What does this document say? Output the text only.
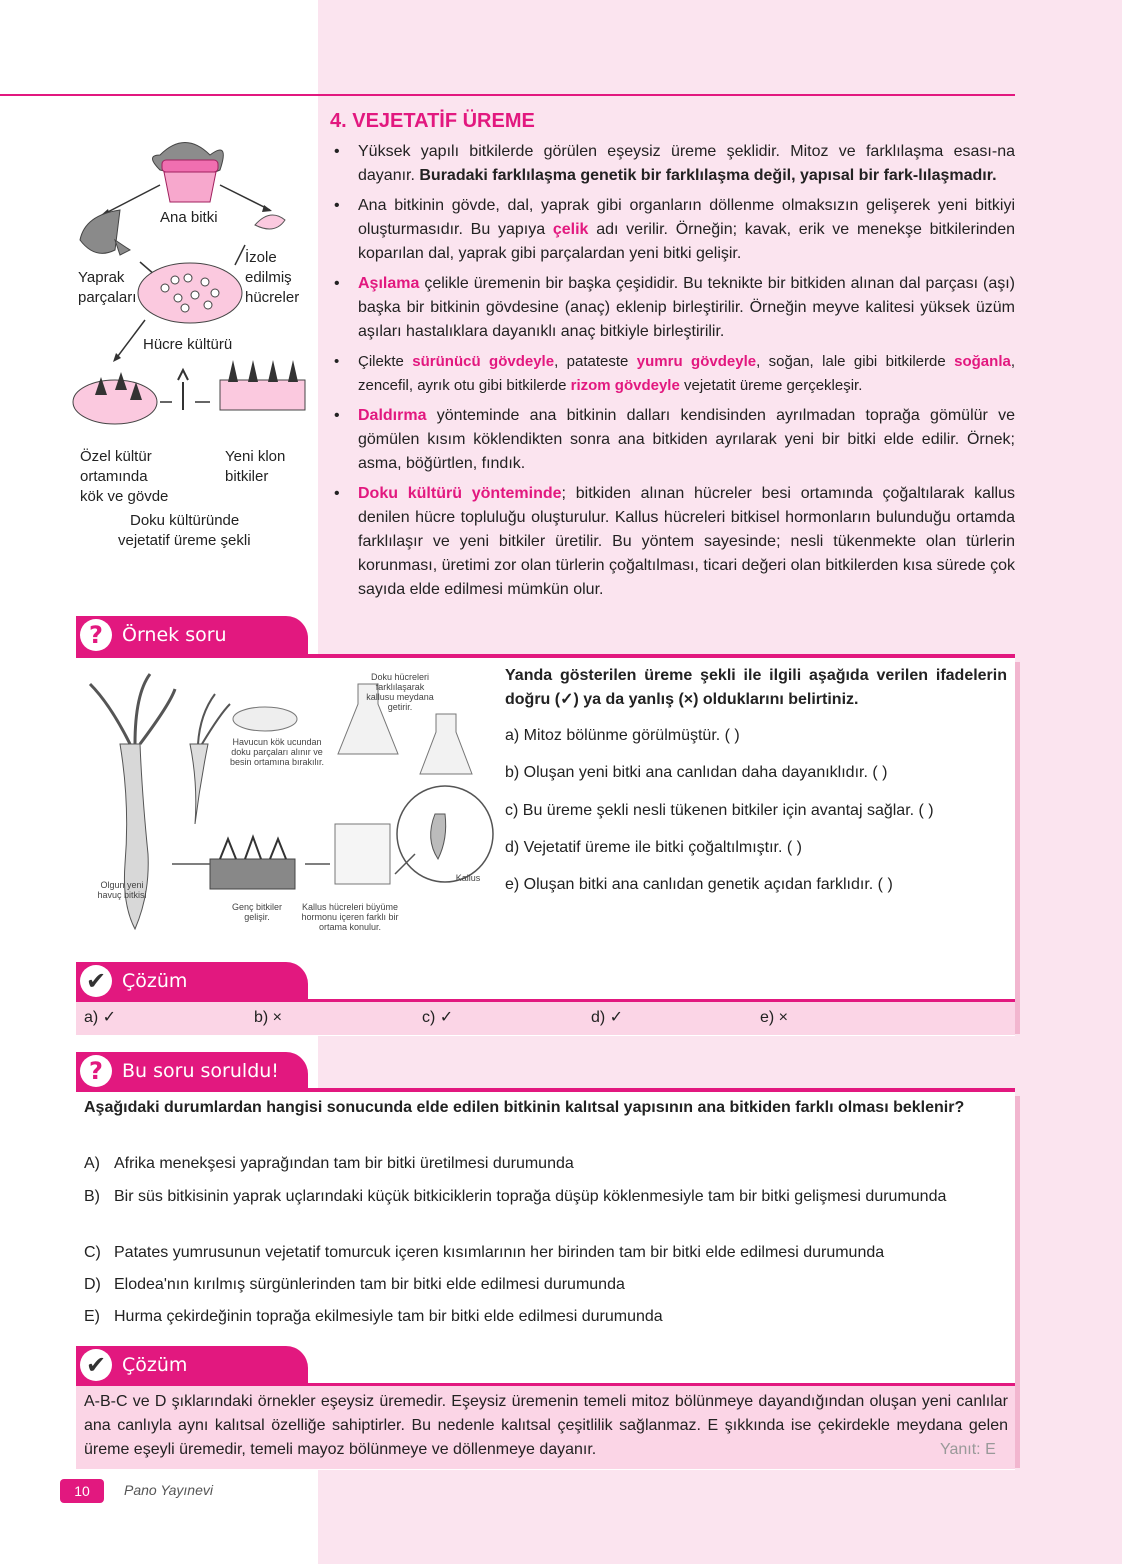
Ana bitki
Yaprak
parçaları
İzole
edilmiş
hücreler
Hücre kültürü
Özel kültür
ortamında
kök ve gövde
Yeni klon
bitkiler
Doku kültüründe
vejetatif üreme şekli
4. VEJETATİF ÜREME
• Yüksek yapılı bitkilerde görülen eşeysiz üreme şeklidir. Mitoz ve farklılaşma esası-na dayanır. Buradaki farklılaşma genetik bir farklılaşma değil, yapısal bir fark-lılaşmadır.
• Ana bitkinin gövde, dal, yaprak gibi organların döllenme olmaksızın gelişerek yeni bitkiyi oluşturmasıdır. Bu yapıya çelik adı verilir. Örneğin; kavak, erik ve menekşe bitkilerinden koparılan dal, yaprak gibi parçalardan yeni bitki gelişir.
• Aşılama çelikle üremenin bir başka çeşididir. Bu teknikte bir bitkiden alınan dal parçası (aşı) başka bir bitkinin gövdesine (anaç) eklenip birleştirilir. Örneğin meyve kalitesi yüksek üzüm aşıları hastalıklara dayanıklı anaç bitkiyle birleştirilir.
• Çilekte sürünücü gövdeyle, patateste yumru gövdeyle, soğan, lale gibi bitkilerde soğanla, zencefil, ayrık otu gibi bitkilerde rizom gövdeyle vejetatit üreme gerçekleşir.
• Daldırma yönteminde ana bitkinin dalları kendisinden ayrılmadan toprağa gömülür ve gömülen kısım köklendikten sonra ana bitkiden ayrılarak yeni bir bitki elde edilir. Örnek; asma, böğürtlen, fındık.
• Doku kültürü yönteminde; bitkiden alınan hücreler besi ortamında çoğaltılarak kallus denilen hücre topluluğu oluşturulur. Kallus hücreleri bitkisel hormonların bulunduğu ortamda farklılaşır ve yeni bitkiler üretilir. Bu yöntem sayesinde; nesli tükenmekte olan türlerin korunması, üretimi zor olan türlerin çoğaltılması, ticari değeri olan bitkilerden kısa sürede çok sayıda elde edilmesi mümkün olur.
?	Örnek soru
Doku hücreleri farklılaşarak kallusu meydana getirir.
Havucun kök ucundan doku parçaları alınır ve besin ortamına bırakılır.
Olgun yeni havuç bitkisi
Genç bitkiler gelişir.
Kallus hücreleri büyüme hormonu içeren farklı bir ortama konulur.
Kallus
Yanda gösterilen üreme şekli ile ilgili aşağıda verilen ifadelerin doğru (✓) ya da yanlış (×) olduklarını belirtiniz.
a) Mitoz bölünme görülmüştür. ( )
b) Oluşan yeni bitki ana canlıdan daha dayanıklıdır. ( )
c) Bu üreme şekli nesli tükenen bitkiler için avantaj sağlar. ( )
d) Vejetatif üreme ile bitki çoğaltılmıştır. ( )
e) Oluşan bitki ana canlıdan genetik açıdan farklıdır. ( )
✔ Çözüm
a) ✓	b) ×	c) ✓	d) ✓	e) ×
?	Bu soru soruldu!
Aşağıdaki durumlardan hangisi sonucunda elde edilen bitkinin kalıtsal yapısının ana bitkiden farklı olması beklenir?
A) Afrika menekşesi yaprağından tam bir bitki üretilmesi durumunda
B) Bir süs bitkisinin yaprak uçlarındaki küçük bitkiciklerin toprağa düşüp köklenmesiyle tam bir bitki gelişmesi durumunda
C) Patates yumrusunun vejetatif tomurcuk içeren kısımlarının her birinden tam bir bitki elde edilmesi durumunda
D) Elodea'nın kırılmış sürgünlerinden tam bir bitki elde edilmesi durumunda
E) Hurma çekirdeğinin toprağa ekilmesiyle tam bir bitki elde edilmesi durumunda
✔ Çözüm
A-B-C ve D şıklarındaki örnekler eşeysiz üremedir. Eşeysiz üremenin temeli mitoz bölünmeye dayandığından oluşan yeni canlılar ana canlıyla aynı kalıtsal özelliğe sahiptirler. Bu nedenle kalıtsal çeşitlilik sağlanmaz. E şıkkında ise çekirdekle meydana gelen üreme eşeyli üremedir, temeli mayoz bölünmeye ve döllenmeye dayanır.	Yanıt: E
10	Pano Yayınevi
